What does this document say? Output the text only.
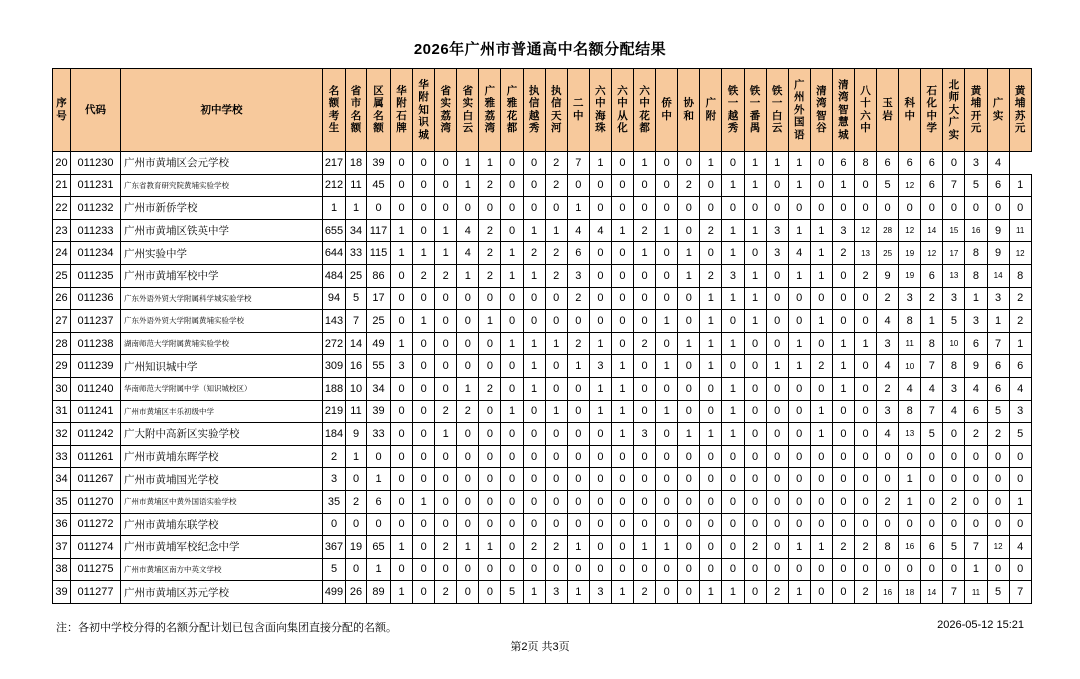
2026年广州市普通高中名额分配结果
序号	代码	初中学校	名额考生	省市名额	区属名额	华附石牌	华附知识城	省实荔湾	省实白云	广雅荔湾	广雅花都	执信越秀	执信天河	二中	六中海珠	六中从化	六中花都	侨中	协和	广附	铁一越秀	铁一番禺	铁一白云	广州外国语	清湾智谷	清湾智慧城	八十六中	玉岩	科中	石化中学	北师大广实	黄埔开元	广实	黄埔苏元
20	011230	广州市黄埔区会元学校	217	18	39	0	0	0	1	1	0	0	2	7	1	0	1	0	0	1	0	1	1	1	0	6	8	6	6	6	0	3	4	
21	011231	广东省教育研究院黄埔实验学校	212	11	45	0	0	0	1	2	0	0	2	0	0	0	0	0	2	0	1	1	0	1	0	1	0	5	12	6	7	5	6	1
22	011232	广州市新侨学校	1	1	0	0	0	0	0	0	0	0	0	1	0	0	0	0	0	0	0	0	0	0	0	0	0	0	0	0	0	0	0	0
23	011233	广州市黄埔区铁英中学	655	34	117	1	0	1	4	2	0	1	1	4	4	1	2	1	0	2	1	1	3	1	1	3	12	28	12	14	15	16	9	11
24	011234	广州实验中学	644	33	115	1	1	1	4	2	1	2	2	6	0	0	1	0	1	0	1	0	3	4	1	2	13	25	19	12	17	8	9	12
25	011235	广州市黄埔军校中学	484	25	86	0	2	2	1	2	1	1	2	3	0	0	0	0	1	2	3	1	0	1	1	0	2	9	19	6	13	8	14	8
26	011236	广东外语外贸大学附属科学城实验学校	94	5	17	0	0	0	0	0	0	0	0	2	0	0	0	0	0	1	1	1	0	0	0	0	0	2	3	2	3	1	3	2
27	011237	广东外语外贸大学附属黄埔实验学校	143	7	25	0	1	0	0	1	0	0	0	0	0	0	0	1	0	1	0	1	0	0	1	0	0	4	8	1	5	3	1	2
28	011238	湖南师范大学附属黄埔实验学校	272	14	49	1	0	0	0	0	1	1	1	2	1	0	2	0	1	1	1	0	0	1	0	1	1	3	11	8	10	6	7	1
29	011239	广州知识城中学	309	16	55	3	0	0	0	0	0	1	0	1	3	1	0	1	0	1	0	0	1	1	2	1	0	4	10	7	8	9	6	6
30	011240	华南师范大学附属中学（知识城校区）	188	10	34	0	0	0	1	2	0	1	0	0	1	1	0	0	0	0	1	0	0	0	0	1	0	2	4	4	3	4	6	4
31	011241	广州市黄埔区丰乐初级中学	219	11	39	0	0	2	2	0	1	0	1	0	1	1	0	1	0	0	1	0	0	0	1	0	0	3	8	7	4	6	5	3
32	011242	广大附中高新区实验学校	184	9	33	0	0	1	0	0	0	0	0	0	0	1	3	0	1	1	1	0	0	0	1	0	0	4	13	5	0	2	2	5
33	011261	广州市黄埔东晖学校	2	1	0	0	0	0	0	0	0	0	0	0	0	0	0	0	0	0	0	0	0	0	0	0	0	0	0	0	0	0	0	0
34	011267	广州市黄埔国光学校	3	0	1	0	0	0	0	0	0	0	0	0	0	0	0	0	0	0	0	0	0	0	0	0	0	0	1	0	0	0	0	0
35	011270	广州市黄埔区中黄外国语实验学校	35	2	6	0	1	0	0	0	0	0	0	0	0	0	0	0	0	0	0	0	0	0	0	0	0	2	1	0	2	0	0	1
36	011272	广州市黄埔东联学校	0	0	0	0	0	0	0	0	0	0	0	0	0	0	0	0	0	0	0	0	0	0	0	0	0	0	0	0	0	0	0	0
37	011274	广州市黄埔军校纪念中学	367	19	65	1	0	2	1	1	0	2	2	1	0	0	1	1	0	0	0	2	0	1	1	2	2	8	16	6	5	7	12	4
38	011275	广州市黄埔区南方中英文学校	5	0	1	0	0	0	0	0	0	0	0	0	0	0	0	0	0	0	0	0	0	0	0	0	0	0	0	0	0	1	0	0
39	011277	广州市黄埔区苏元学校	499	26	89	1	0	2	0	0	5	1	3	1	3	1	2	0	0	1	1	0	2	1	0	0	2	16	18	14	7	11	5	7
注：各初中学校分得的名额分配计划已包含面向集团直接分配的名额。	2026-05-12 15:21
第2页 共3页
